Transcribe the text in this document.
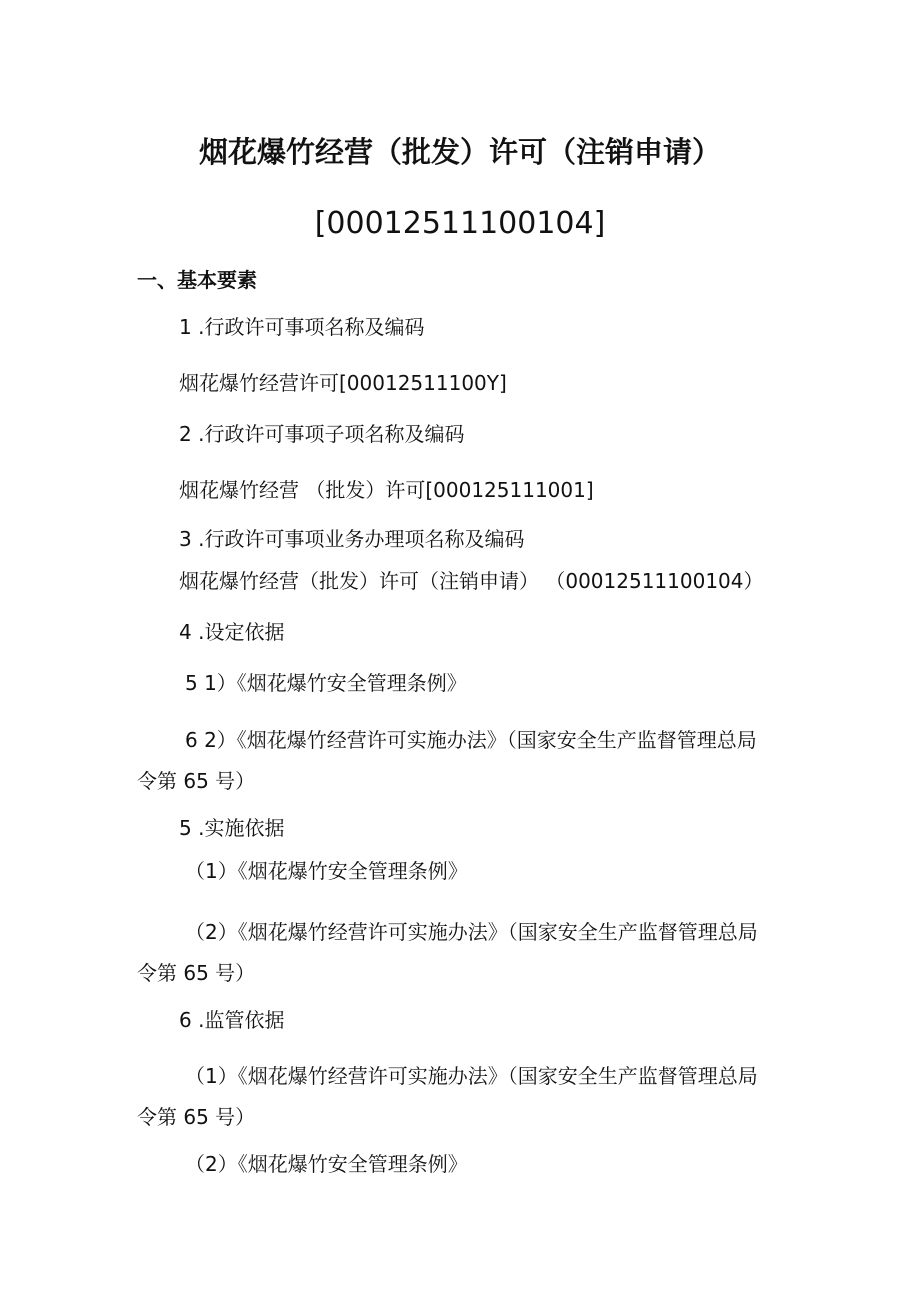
烟花爆竹经营（批发）许可（注销申请）
[00012511100104]
一、基本要素
1 .行政许可事项名称及编码
烟花爆竹经营许可[00012511100Y]
2 .行政许可事项子项名称及编码
烟花爆竹经营 （批发）许可[000125111001]
3 .行政许可事项业务办理项名称及编码
烟花爆竹经营（批发）许可（注销申请） （00012511100104）
4 .设定依据
5 1）《烟花爆竹安全管理条例》
6 2）《烟花爆竹经营许可实施办法》（国家安全生产监督管理总局
令第 65 号）
5 .实施依据
（1）《烟花爆竹安全管理条例》
（2）《烟花爆竹经营许可实施办法》（国家安全生产监督管理总局
令第 65 号）
6 .监管依据
（1）《烟花爆竹经营许可实施办法》（国家安全生产监督管理总局
令第 65 号）
（2）《烟花爆竹安全管理条例》
